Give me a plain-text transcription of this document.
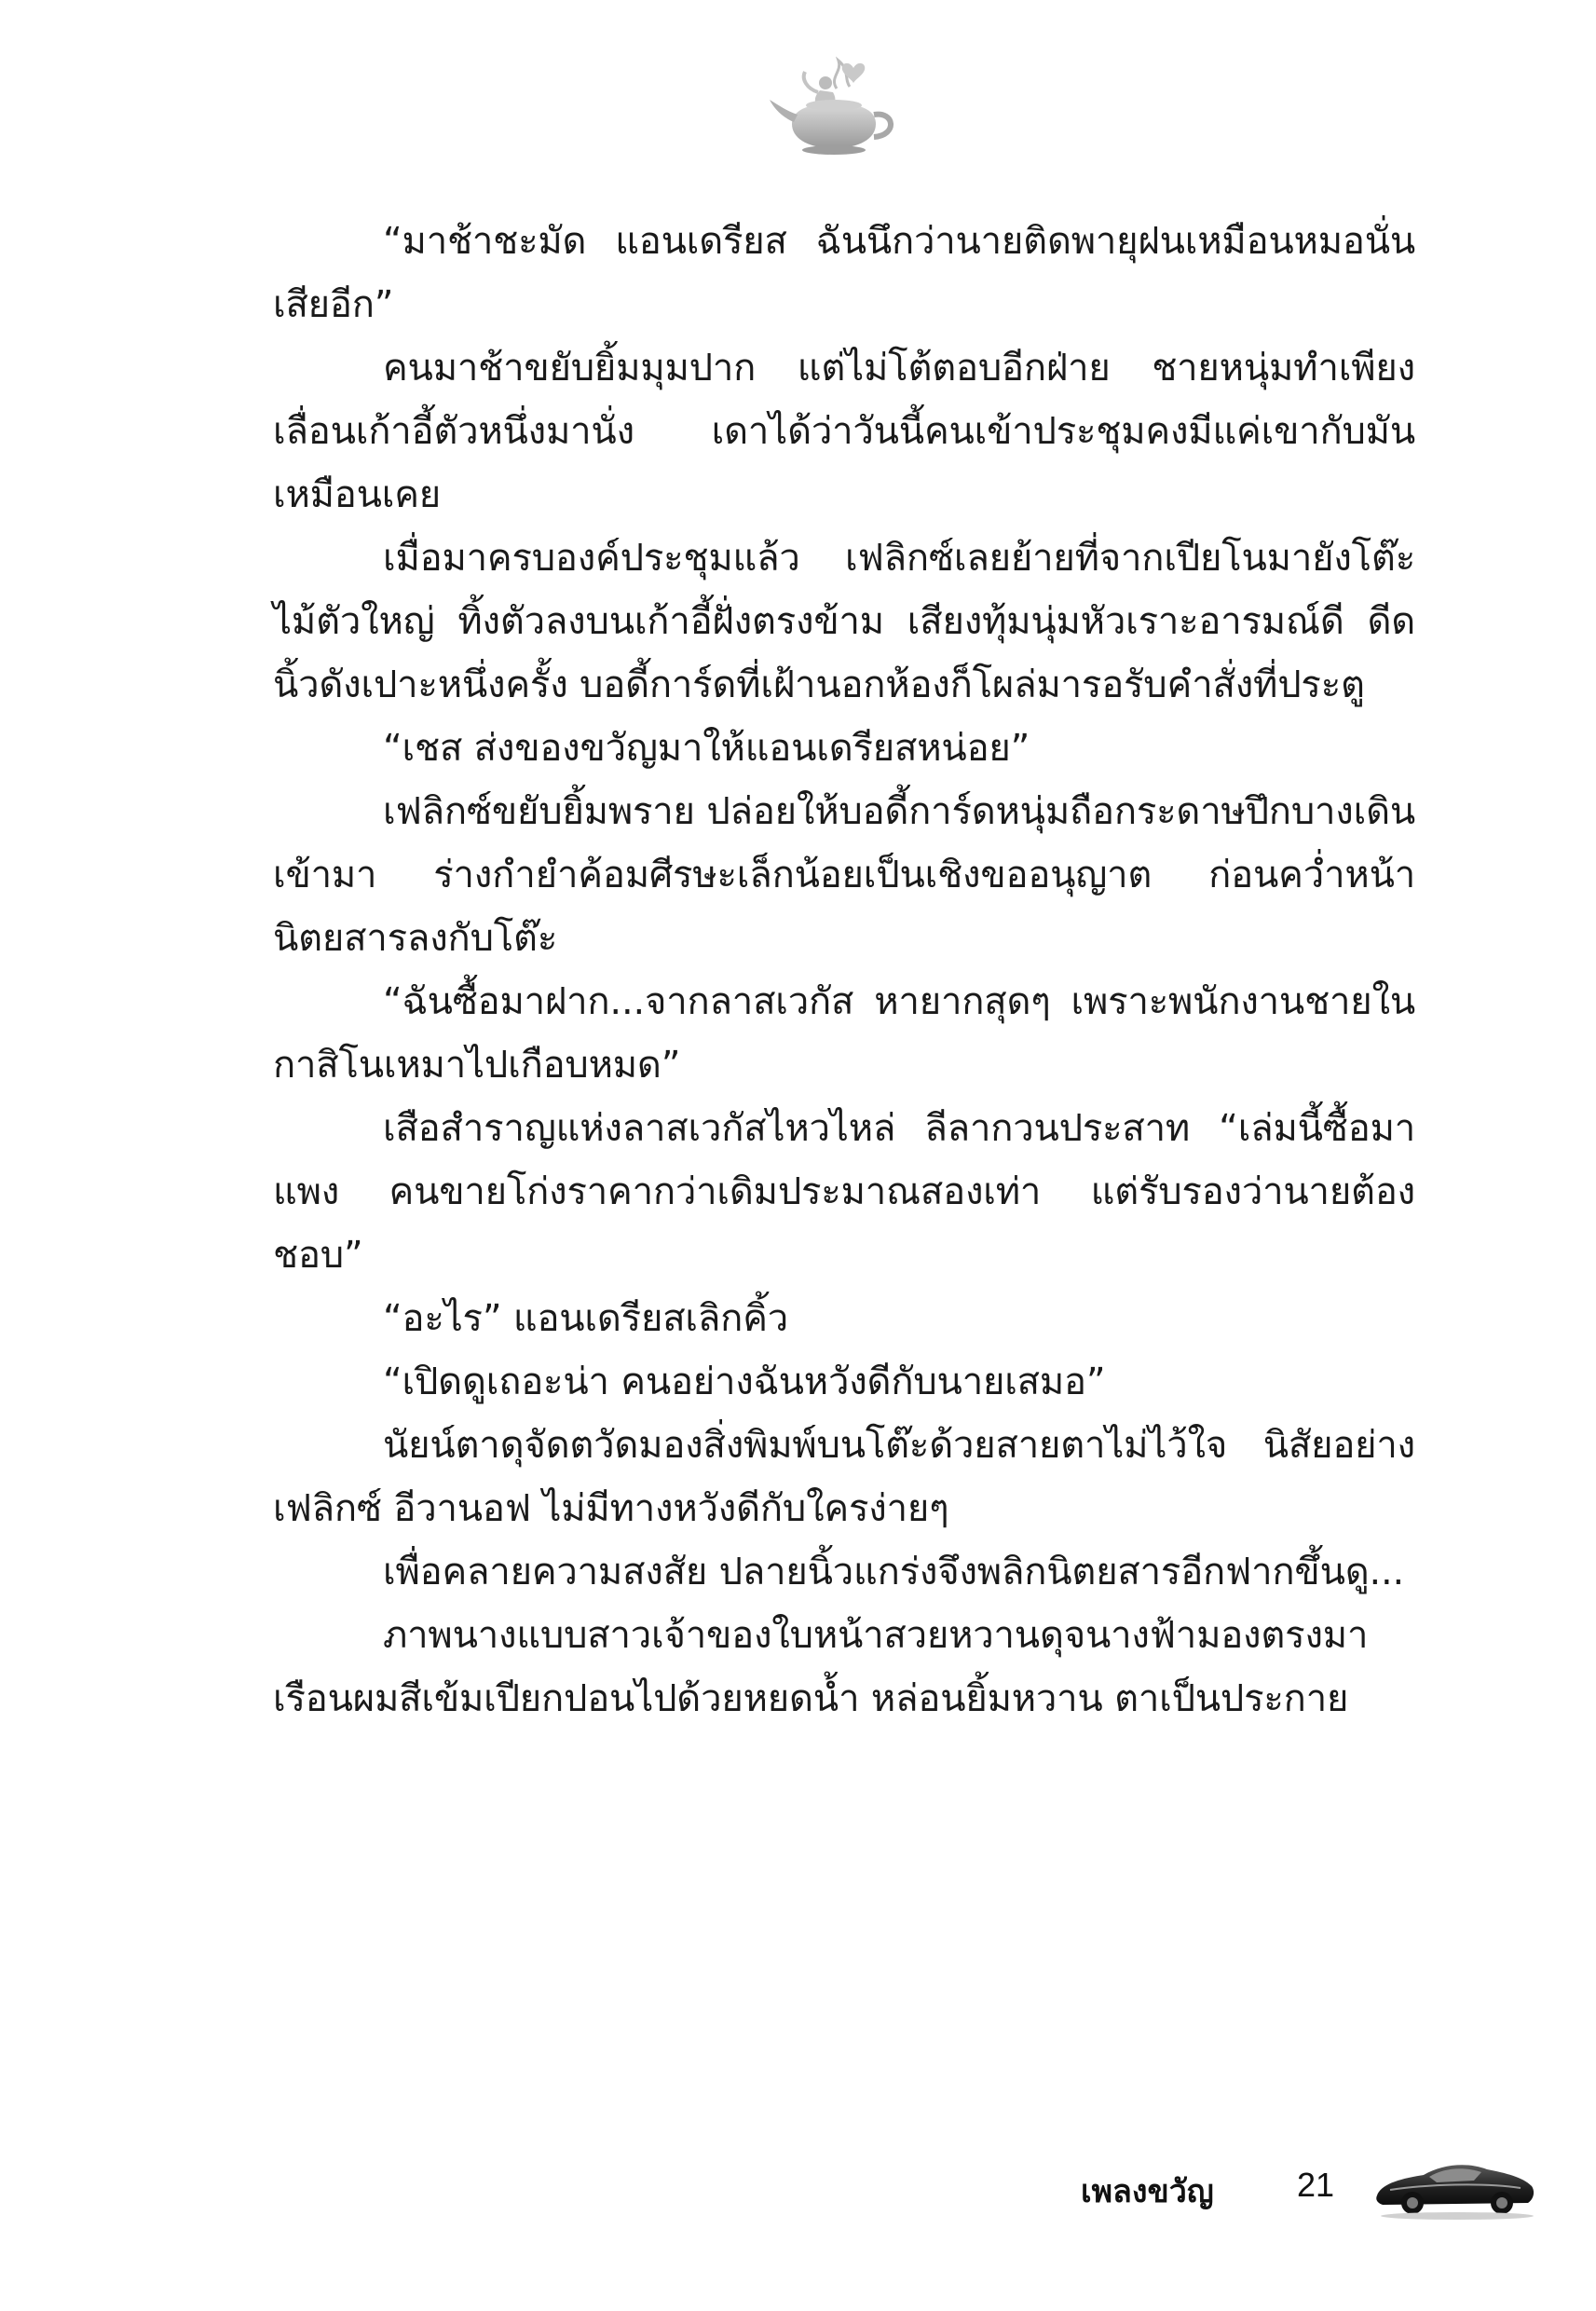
“มาช้าชะมัด แอนเดรียส ฉันนึกว่านายติดพายุฝนเหมือนหมอนั่นเสียอีก”

คนมาช้าขยับยิ้มมุมปาก แต่ไม่โต้ตอบอีกฝ่าย ชายหนุ่มทำเพียงเลื่อนเก้าอี้ตัวหนึ่งมานั่ง เดาได้ว่าวันนี้คนเข้าประชุมคงมีแค่เขากับมันเหมือนเคย

เมื่อมาครบองค์ประชุมแล้ว เฟลิกซ์เลยย้ายที่จากเปียโนมายังโต๊ะไม้ตัวใหญ่ ทิ้งตัวลงบนเก้าอี้ฝั่งตรงข้าม เสียงทุ้มนุ่มหัวเราะอารมณ์ดี ดีดนิ้วดังเปาะหนึ่งครั้ง บอดี้การ์ดที่เฝ้านอกห้องก็โผล่มารอรับคำสั่งที่ประตู

“เชส ส่งของขวัญมาให้แอนเดรียสหน่อย”

เฟลิกซ์ขยับยิ้มพราย ปล่อยให้บอดี้การ์ดหนุ่มถือกระดาษปึกบางเดินเข้ามา ร่างกำยำค้อมศีรษะเล็กน้อยเป็นเชิงขออนุญาต ก่อนคว่ำหน้านิตยสารลงกับโต๊ะ

“ฉันซื้อมาฝาก...จากลาสเวกัส หายากสุดๆ เพราะพนักงานชายในกาสิโนเหมาไปเกือบหมด”

เสือสำราญแห่งลาสเวกัสไหวไหล่ ลีลากวนประสาท “เล่มนี้ซื้อมาแพง คนขายโก่งราคากว่าเดิมประมาณสองเท่า แต่รับรองว่านายต้องชอบ”

“อะไร” แอนเดรียสเลิกคิ้ว

“เปิดดูเถอะน่า คนอย่างฉันหวังดีกับนายเสมอ”

นัยน์ตาดุจัดตวัดมองสิ่งพิมพ์บนโต๊ะด้วยสายตาไม่ไว้ใจ นิสัยอย่าง เฟลิกซ์ อีวานอฟ ไม่มีทางหวังดีกับใครง่ายๆ

เพื่อคลายความสงสัย ปลายนิ้วแกร่งจึงพลิกนิตยสารอีกฟากขึ้นดู...

ภาพนางแบบสาวเจ้าของใบหน้าสวยหวานดุจนางฟ้ามองตรงมาเรือนผมสีเข้มเปียกปอนไปด้วยหยดน้ำ หล่อนยิ้มหวาน ตาเป็นประกาย

เพลงขวัญ 21
